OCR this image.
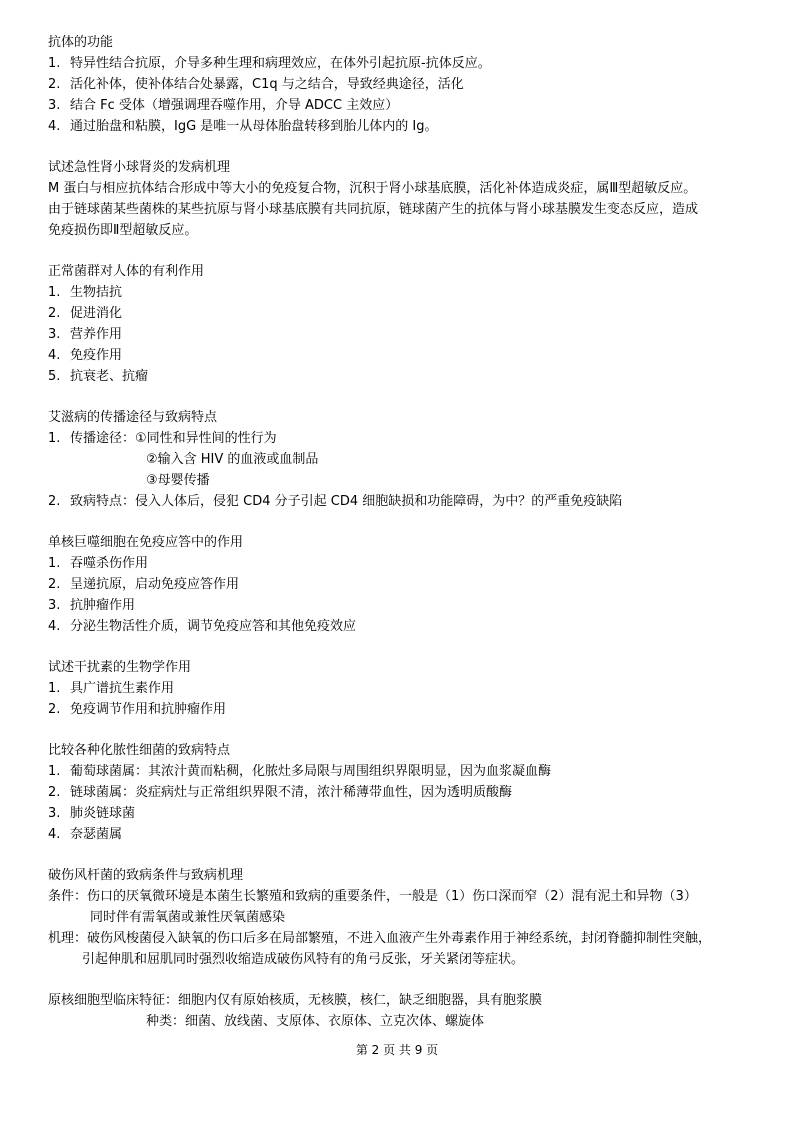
抗体的功能
1. 特异性结合抗原，介导多种生理和病理效应，在体外引起抗原-抗体反应。
2. 活化补体，使补体结合处暴露，C1q 与之结合，导致经典途径，活化
3. 结合 Fc 受体（增强调理吞噬作用，介导 ADCC 主效应）
4. 通过胎盘和粘膜，IgG 是唯一从母体胎盘转移到胎儿体内的 Ig。
试述急性肾小球肾炎的发病机理
M 蛋白与相应抗体结合形成中等大小的免疫复合物，沉积于肾小球基底膜，活化补体造成炎症，属Ⅲ型超敏反应。
由于链球菌某些菌株的某些抗原与肾小球基底膜有共同抗原，链球菌产生的抗体与肾小球基膜发生变态反应，造成
免疫损伤即Ⅱ型超敏反应。
正常菌群对人体的有利作用
1. 生物拮抗
2. 促进消化
3. 营养作用
4. 免疫作用
5. 抗衰老、抗瘤
艾滋病的传播途径与致病特点
1. 传播途径：①同性和异性间的性行为
②输入含 HIV 的血液或血制品
③母婴传播
2. 致病特点：侵入人体后，侵犯 CD4 分子引起 CD4 细胞缺损和功能障碍，为中？的严重免疫缺陷
单核巨噬细胞在免疫应答中的作用
1. 吞噬杀伤作用
2. 呈递抗原，启动免疫应答作用
3. 抗肿瘤作用
4. 分泌生物活性介质，调节免疫应答和其他免疫效应
试述干扰素的生物学作用
1. 具广谱抗生素作用
2. 免疫调节作用和抗肿瘤作用
比较各种化脓性细菌的致病特点
1. 葡萄球菌属：其浓汁黄而粘稠，化脓灶多局限与周围组织界限明显，因为血浆凝血酶
2. 链球菌属：炎症病灶与正常组织界限不清，浓汁稀薄带血性，因为透明质酸酶
3. 肺炎链球菌
4. 奈瑟菌属
破伤风杆菌的致病条件与致病机理
条件：伤口的厌氧微环境是本菌生长繁殖和致病的重要条件，一般是（1）伤口深而窄（2）混有泥土和异物（3）
同时伴有需氧菌或兼性厌氧菌感染
机理：破伤风梭菌侵入缺氧的伤口后多在局部繁殖，不进入血液产生外毒素作用于神经系统，封闭脊髓抑制性突触，
引起伸肌和屈肌同时强烈收缩造成破伤风特有的角弓反张，牙关紧闭等症状。
原核细胞型临床特征：细胞内仅有原始核质，无核膜，核仁，缺乏细胞器，具有胞浆膜
种类：细菌、放线菌、支原体、衣原体、立克次体、螺旋体
第 2 页 共 9 页
